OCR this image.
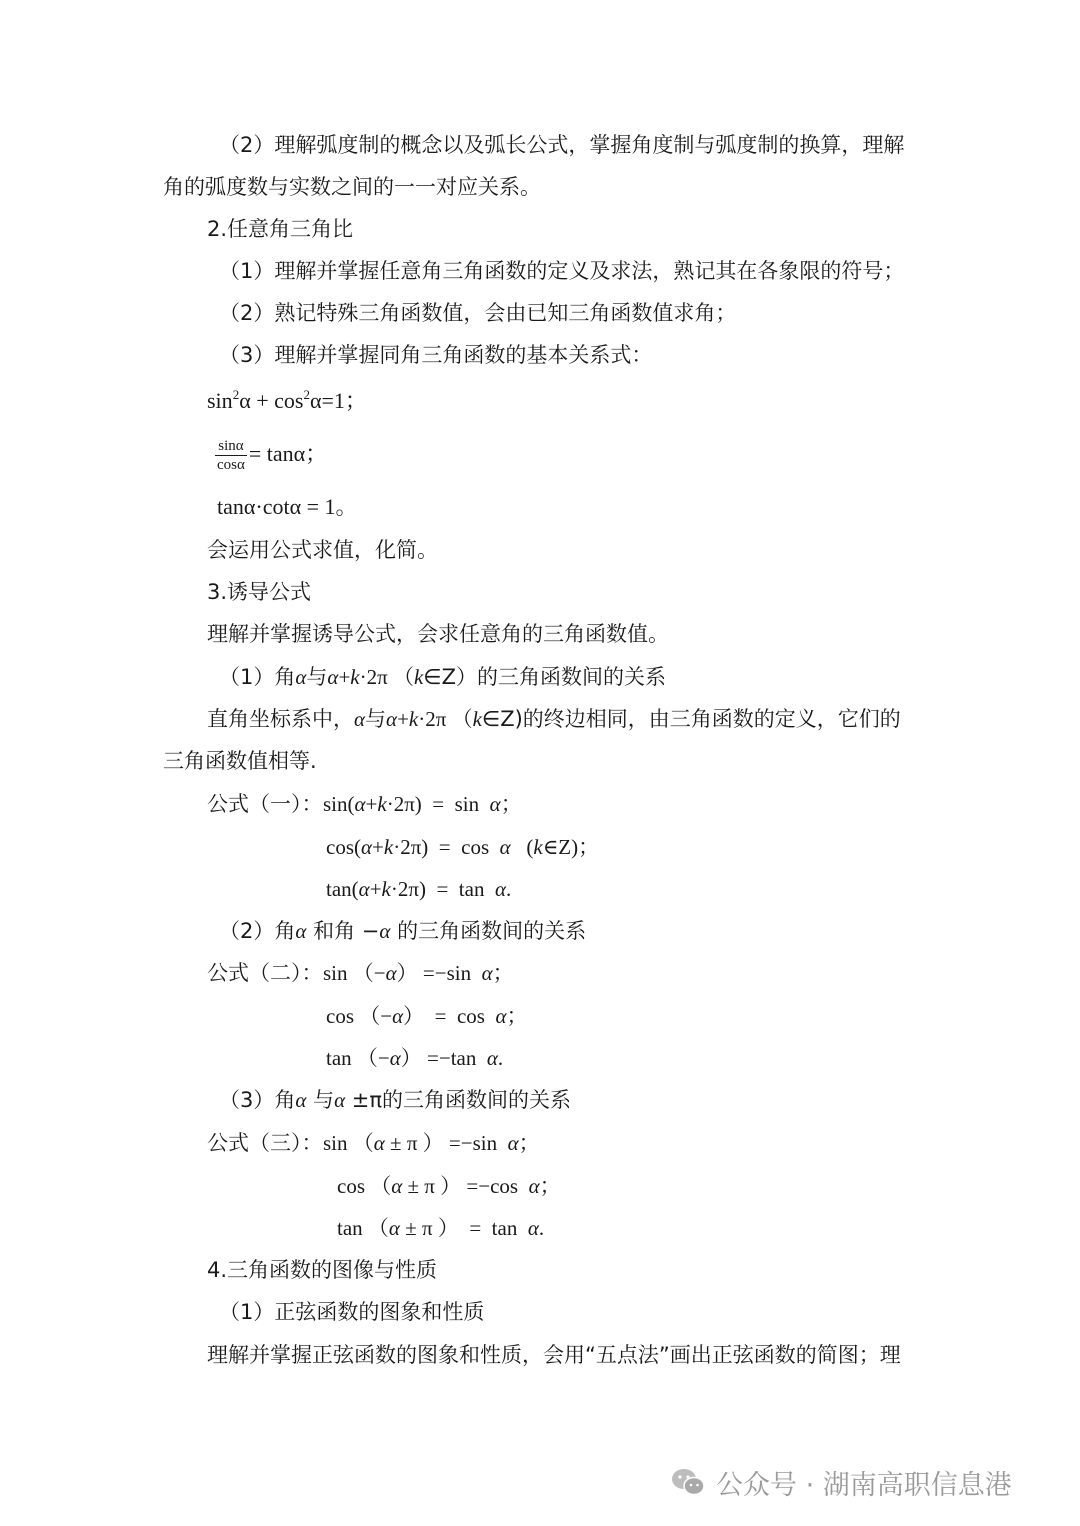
（2）理解弧度制的概念以及弧长公式，掌握角度制与弧度制的换算，理解
角的弧度数与实数之间的一一对应关系。
2.任意角三角比
（1）理解并掌握任意角三角函数的定义及求法，熟记其在各象限的符号；
（2）熟记特殊三角函数值，会由已知三角函数值求角；
（3）理解并掌握同角三角函数的基本关系式：
$\sin^2\alpha + \cos^2\alpha=1$；
$\frac{\sin\alpha}{\cos\alpha} = \tan\alpha$；
tanα·cotα = 1。
会运用公式求值，化简。
3.诱导公式
理解并掌握诱导公式，会求任意角的三角函数值。
（1）角α与α+k·2π （k∈Z）的三角函数间的关系
直角坐标系中，α与α+k·2π （k∈Z)的终边相同，由三角函数的定义，它们的
三角函数值相等.
公式（一）： sin(α+k·2π)  =  sin  α；
cos(α+k·2π)  =  cos  α   (k∈Z)；
tan(α+k·2π)  =  tan  α.
（2）角α 和角 −α 的三角函数间的关系
公式（二）： sin （−α） =−sin  α；
cos （−α）  =  cos  α；
tan （−α） =−tan  α.
（3）角α 与α ±π的三角函数间的关系
公式（三）： sin （α ± π ） =−sin  α；
cos （α ± π ） =−cos  α；
tan （α ± π ）  =  tan  α.
4.三角函数的图像与性质
（1）正弦函数的图象和性质
理解并掌握正弦函数的图象和性质，会用“五点法”画出正弦函数的简图；理
公众号 · 湖南高职信息港
